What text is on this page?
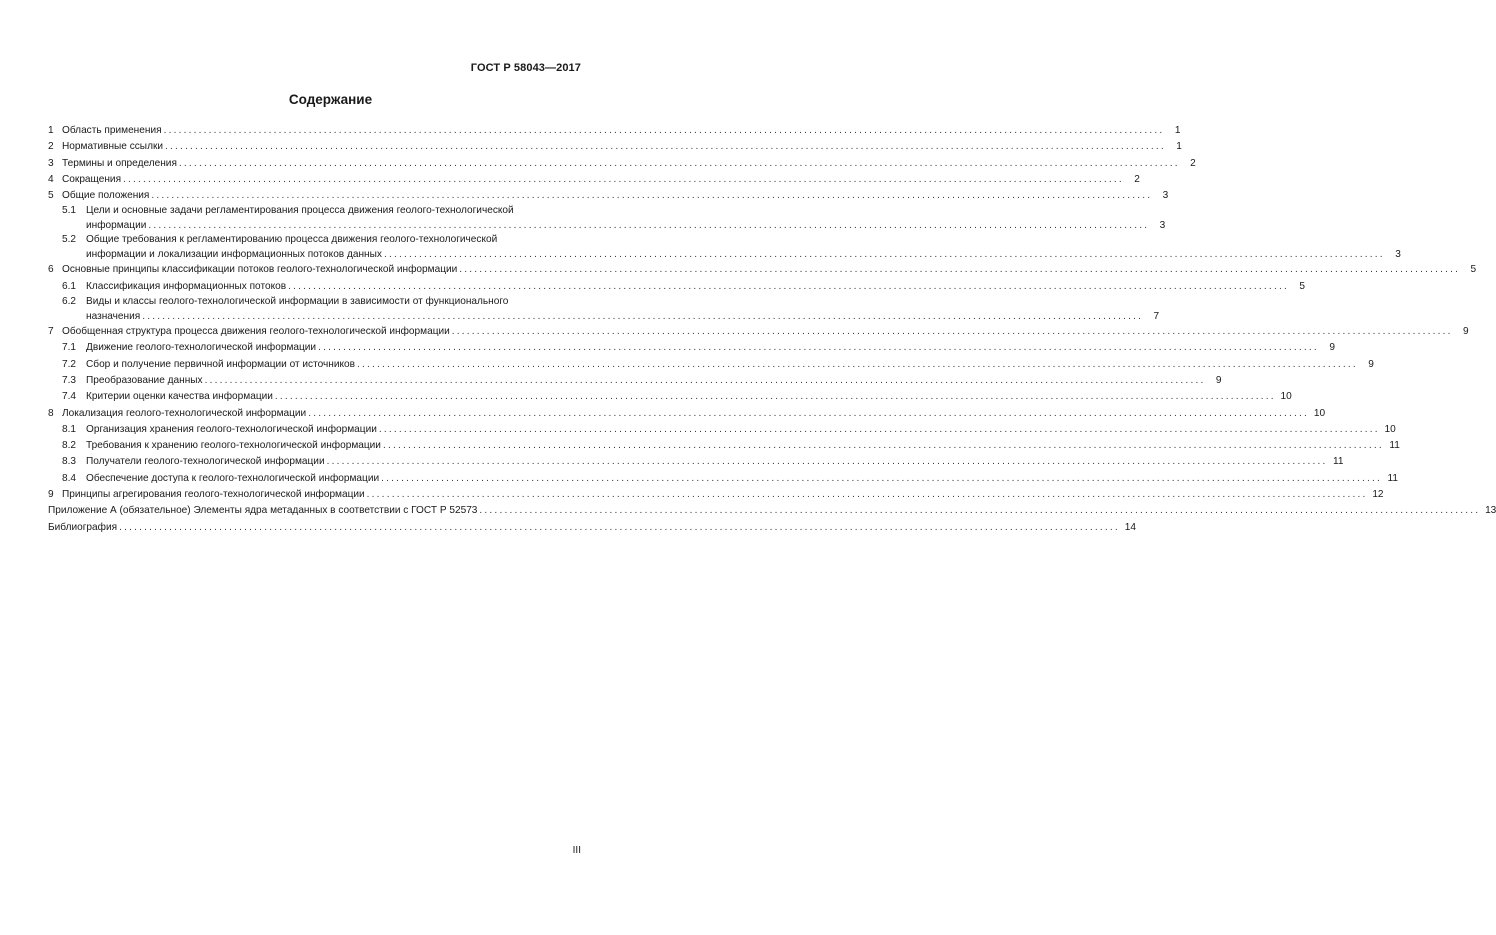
ГОСТ Р 58043—2017
Содержание
1 Область применения ........................................................................................................................................................................................................	1
2 Нормативные ссылки ........................................................................................................................................................................................................	1
3 Термины и определения ........................................................................................................................................................................................................	2
4 Сокращения ........................................................................................................................................................................................................	2
5 Общие положения ........................................................................................................................................................................................................	3
5.1 Цели и основные задачи регламентирования процесса движения геолого-технологической
информации ........................................................................................................................................................................................................	3
5.2 Общие требования к регламентированию процесса движения геолого-технологической
информации и локализации информационных потоков данных ........................................................................................................................................................................................................	3
6 Основные принципы классификации потоков геолого-технологической информации ........................................................................................................................................................................................................	5
6.1 Классификация информационных потоков ........................................................................................................................................................................................................	5
6.2 Виды и классы геолого-технологической информации в зависимости от функционального
назначения ........................................................................................................................................................................................................	7
7 Обобщенная структура процесса движения геолого-технологической информации ........................................................................................................................................................................................................	9
7.1 Движение геолого-технологической информации ........................................................................................................................................................................................................	9
7.2 Сбор и получение первичной информации от источников ........................................................................................................................................................................................................	9
7.3 Преобразование данных ........................................................................................................................................................................................................	9
7.4 Критерии оценки качества информации ........................................................................................................................................................................................................ 10
8 Локализация геолого-технологической информации ........................................................................................................................................................................................................ 10
8.1 Организация хранения геолого-технологической информации ........................................................................................................................................................................................................ 10
8.2 Требования к хранению геолого-технологической информации ........................................................................................................................................................................................................ 11
8.3 Получатели геолого-технологической информации ........................................................................................................................................................................................................ 11
8.4 Обеспечение доступа к геолого-технологической информации ........................................................................................................................................................................................................ 11
9 Принципы агрегирования геолого-технологической информации ........................................................................................................................................................................................................ 12
Приложение А (обязательное) Элементы ядра метаданных в соответствии с ГОСТ Р 52573 ........................................................................................................................................................................................................ 13
Библиография ........................................................................................................................................................................................................ 14
III
